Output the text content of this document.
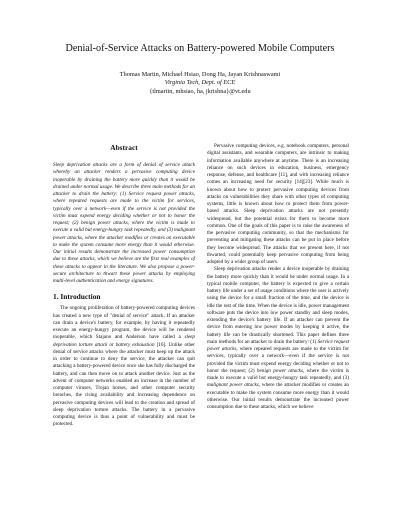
Denial-of-Service Attacks on Battery-powered Mobile Computers
Thomas Martin, Michael Hsiao, Dong Ha, Jayan Krishnaswami
Virginia Tech, Dept. of ECE
{tlmartin, mhsiao, ha, jkrishna}@vt.edu
Abstract

Sleep deprivation attacks are a form of denial of service attack whereby an attacker renders a pervasive computing device inoperable by draining the battery more quickly than it would be drained under normal usage. We describe three main methods for an attacker to drain the battery: (1) Service request power attacks, where repeated requests are made to the victim for services, typically over a network—even if the service is not provided the victim must expend energy deciding whether or not to honor the request; (2) benign power attacks, where the victim is made to execute a valid but energy-hungry task repeatedly, and (3) malignant power attacks, where the attacker modifies or creates an executable to make the system consume more energy than it would otherwise. Our initial results demonstrate the increased power consumption due to these attacks, which we believe are the first real examples of these attacks to appear in the literature. We also propose a power-secure architecture to thwart these power attacks by employing multi-level authentication and energy signatures.

1. Introduction

The ongoing proliferation of battery-powered computing devices has created a new type of "denial of service" attack. If an attacker can drain a device's battery, for example, by having it repeatedly execute an energy-hungry program, the device will be rendered inoperable, which Stajano and Anderson have called a sleep deprivation torture attack or battery exhaustion [16]. Unlike other denial of service attacks where the attacker must keep up the attack in order to continue to deny the service, the attacker can quit attacking a battery-powered device once she has fully discharged the battery, and can then move on to attack another device. Just as the advent of computer networks enabled an increase in the number of computer viruses, Trojan horses, and other computer security breaches, the rising availability and increasing dependence on pervasive computing devices will lead to the creation and spread of sleep deprivation torture attacks. The battery in a pervasive computing device is thus a point of vulnerability and must be protected.

Pervasive computing devices, e.g. notebook computers, personal digital assistants, and wearable computers, are intrinsic to making information available anywhere at anytime. There is an increasing reliance on such devices in education, business, emergency response, defense, and healthcare [11], and with increasing reliance comes an increasing need for security [14][23]. While much is known about how to protect pervasive computing devices from attacks on vulnerabilities they share with other types of computing systems, little is known about how to protect them from power-based attacks. Sleep deprivation attacks are not presently widespread, but the potential exists for them to become more common. One of the goals of this paper is to raise the awareness of the pervasive computing community, so that the mechanisms for preventing and mitigating these attacks can be put in place before they become widespread. The attacks that we present here, if not thwarted, could potentially keep pervasive computing from being adopted by a wider group of users.

Sleep deprivation attacks render a device inoperable by draining the battery more quickly than it would be under normal usage. In a typical mobile computer, the battery is expected to give a certain battery life under a set of usage conditions where the user is actively using the device for a small fraction of the time, and the device is idle the rest of the time. When the device is idle, power management software puts the device into low power standby and sleep modes, extending the device's battery life. If an attacker can prevent the device from entering low power modes by keeping it active, the battery life can be drastically shortened. This paper defines three main methods for an attacker to drain the battery: (1) Service request power attacks, where repeated requests are made to the victim for services, typically over a network—even if the service is not provided the victim must expend energy deciding whether or not to honor the request; (2) benign power attacks, where the victim is made to execute a valid but energy-hungry task repeatedly, and (3) malignant power attacks, where the attacker modifies or creates an executable to make the system consume more energy than it would otherwise. Our initial results demonstrate the increased power consumption due to these attacks, which we believe
